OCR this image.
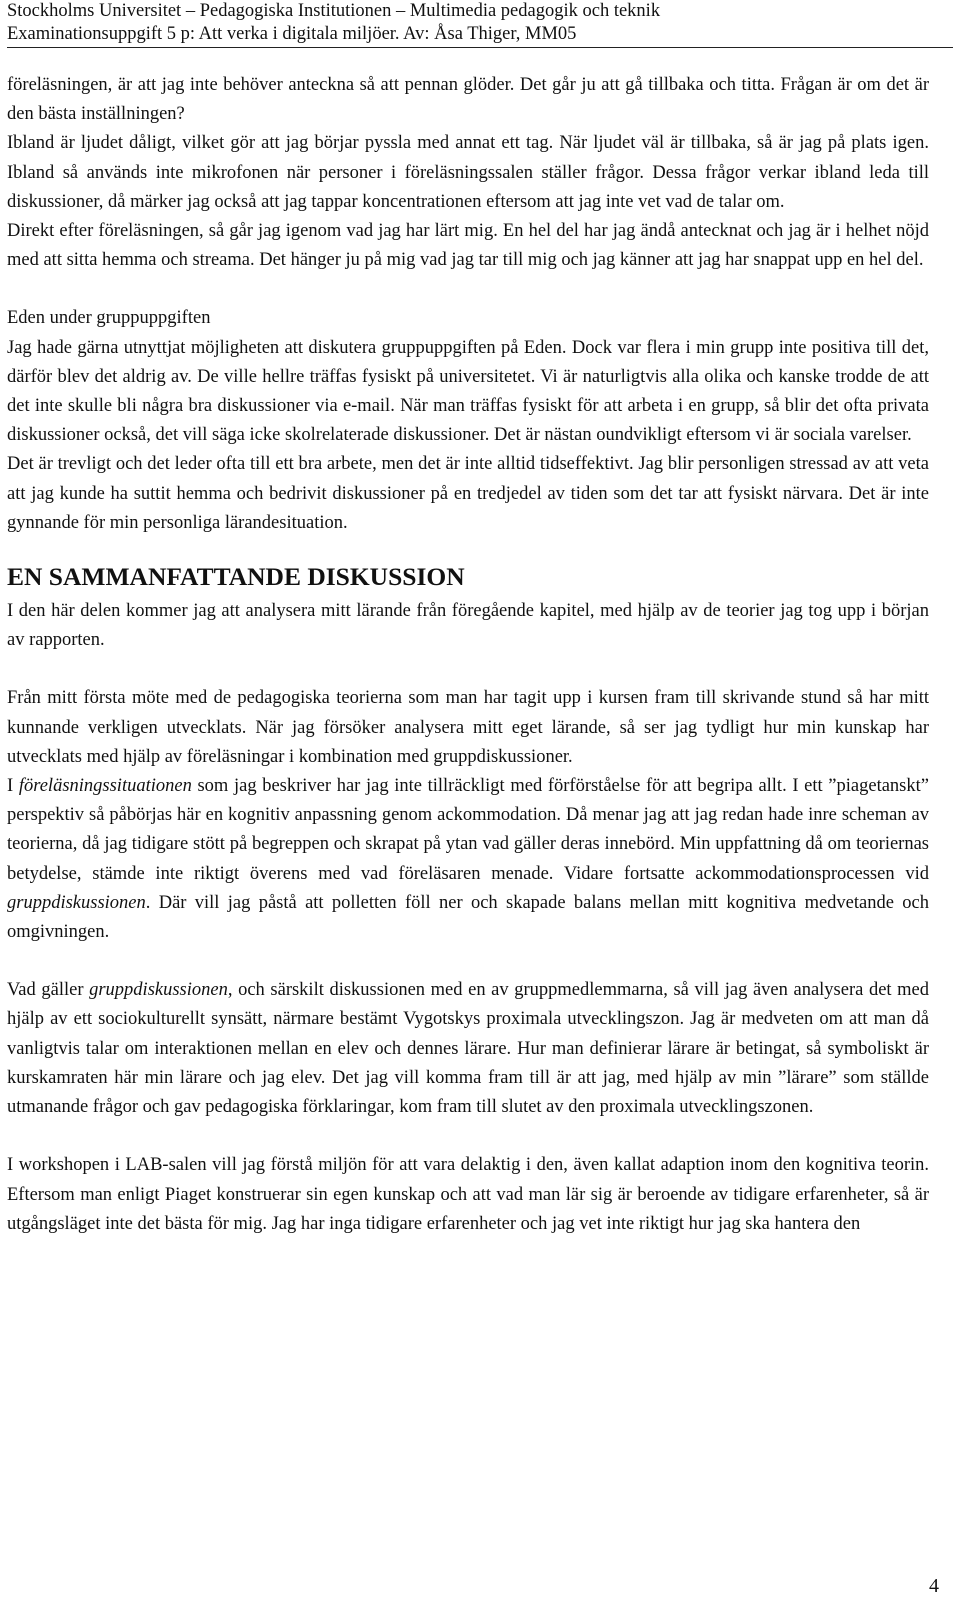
Stockholms Universitet – Pedagogiska Institutionen – Multimedia pedagogik och teknik
Examinationsuppgift 5 p: Att verka i digitala miljöer. Av: Åsa Thiger, MM05

föreläsningen, är att jag inte behöver anteckna så att pennan glöder. Det går ju att gå tillbaka och titta. Frågan är om det är den bästa inställningen?

Ibland är ljudet dåligt, vilket gör att jag börjar pyssla med annat ett tag. När ljudet väl är tillbaka, så är jag på plats igen. Ibland så används inte mikrofonen när personer i föreläsningssalen ställer frågor. Dessa frågor verkar ibland leda till diskussioner, då märker jag också att jag tappar koncentrationen eftersom att jag inte vet vad de talar om.

Direkt efter föreläsningen, så går jag igenom vad jag har lärt mig. En hel del har jag ändå antecknat och jag är i helhet nöjd med att sitta hemma och streama. Det hänger ju på mig vad jag tar till mig och jag känner att jag har snappat upp en hel del.

Eden under gruppuppgiften

Jag hade gärna utnyttjat möjligheten att diskutera gruppuppgiften på Eden. Dock var flera i min grupp inte positiva till det, därför blev det aldrig av. De ville hellre träffas fysiskt på universitetet. Vi är naturligtvis alla olika och kanske trodde de att det inte skulle bli några bra diskussioner via e-mail. När man träffas fysiskt för att arbeta i en grupp, så blir det ofta privata diskussioner också, det vill säga icke skolrelaterade diskussioner. Det är nästan oundvikligt eftersom vi är sociala varelser.

Det är trevligt och det leder ofta till ett bra arbete, men det är inte alltid tidseffektivt. Jag blir personligen stressad av att veta att jag kunde ha suttit hemma och bedrivit diskussioner på en tredjedel av tiden som det tar att fysiskt närvara. Det är inte gynnande för min personliga lärandesituation.

EN SAMMANFATTANDE DISKUSSION

I den här delen kommer jag att analysera mitt lärande från föregående kapitel, med hjälp av de teorier jag tog upp i början av rapporten.

Från mitt första möte med de pedagogiska teorierna som man har tagit upp i kursen fram till skrivande stund så har mitt kunnande verkligen utvecklats. När jag försöker analysera mitt eget lärande, så ser jag tydligt hur min kunskap har utvecklats med hjälp av föreläsningar i kombination med gruppdiskussioner.

I föreläsningssituationen som jag beskriver har jag inte tillräckligt med förförståelse för att begripa allt. I ett ”piagetanskt” perspektiv så påbörjas här en kognitiv anpassning genom ackommodation. Då menar jag att jag redan hade inre scheman av teorierna, då jag tidigare stött på begreppen och skrapat på ytan vad gäller deras innebörd. Min uppfattning då om teoriernas betydelse, stämde inte riktigt överens med vad föreläsaren menade. Vidare fortsatte ackommodationsprocessen vid gruppdiskussionen. Där vill jag påstå att polletten föll ner och skapade balans mellan mitt kognitiva medvetande och omgivningen.

Vad gäller gruppdiskussionen, och särskilt diskussionen med en av gruppmedlemmarna, så vill jag även analysera det med hjälp av ett sociokulturellt synsätt, närmare bestämt Vygotskys proximala utvecklingszon. Jag är medveten om att man då vanligtvis talar om interaktionen mellan en elev och dennes lärare. Hur man definierar lärare är betingat, så symboliskt är kurskamraten här min lärare och jag elev. Det jag vill komma fram till är att jag, med hjälp av min ”lärare” som ställde utmanande frågor och gav pedagogiska förklaringar, kom fram till slutet av den proximala utvecklingszonen.

I workshopen i LAB-salen vill jag förstå miljön för att vara delaktig i den, även kallat adaption inom den kognitiva teorin. Eftersom man enligt Piaget konstruerar sin egen kunskap och att vad man lär sig är beroende av tidigare erfarenheter, så är utgångsläget inte det bästa för mig. Jag har inga tidigare erfarenheter och jag vet inte riktigt hur jag ska hantera den

4
